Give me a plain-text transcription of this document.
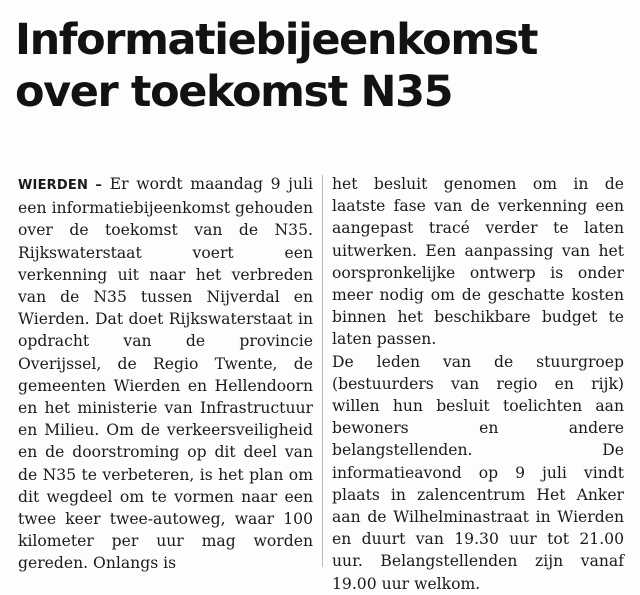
Informatiebijeenkomst
over toekomst N35

WIERDEN – Er wordt maandag 9 juli een informatiebijeenkomst gehouden over de toekomst van de N35. Rijkswaterstaat voert een verkenning uit naar het verbreden van de N35 tussen Nijverdal en Wierden. Dat doet Rijkswaterstaat in opdracht van de provincie Overijssel, de Regio Twente, de gemeenten Wierden en Hellendoorn en het ministerie van Infrastructuur en Milieu. Om de verkeersveiligheid en de doorstroming op dit deel van de N35 te verbeteren, is het plan om dit wegdeel om te vormen naar een twee keer twee-autoweg, waar 100 kilometer per uur mag worden gereden. Onlangs is

het besluit genomen om in de laatste fase van de verkenning een aangepast tracé verder te laten uitwerken. Een aanpassing van het oorspronkelijke ontwerp is onder meer nodig om de geschatte kosten binnen het beschikbare budget te laten passen.

De leden van de stuurgroep (bestuurders van regio en rijk) willen hun besluit toelichten aan bewoners en andere belangstellenden. De informatieavond op 9 juli vindt plaats in zalencentrum Het Anker aan de Wilhelminastraat in Wierden en duurt van 19.30 uur tot 21.00 uur. Belangstellenden zijn vanaf 19.00 uur welkom.
